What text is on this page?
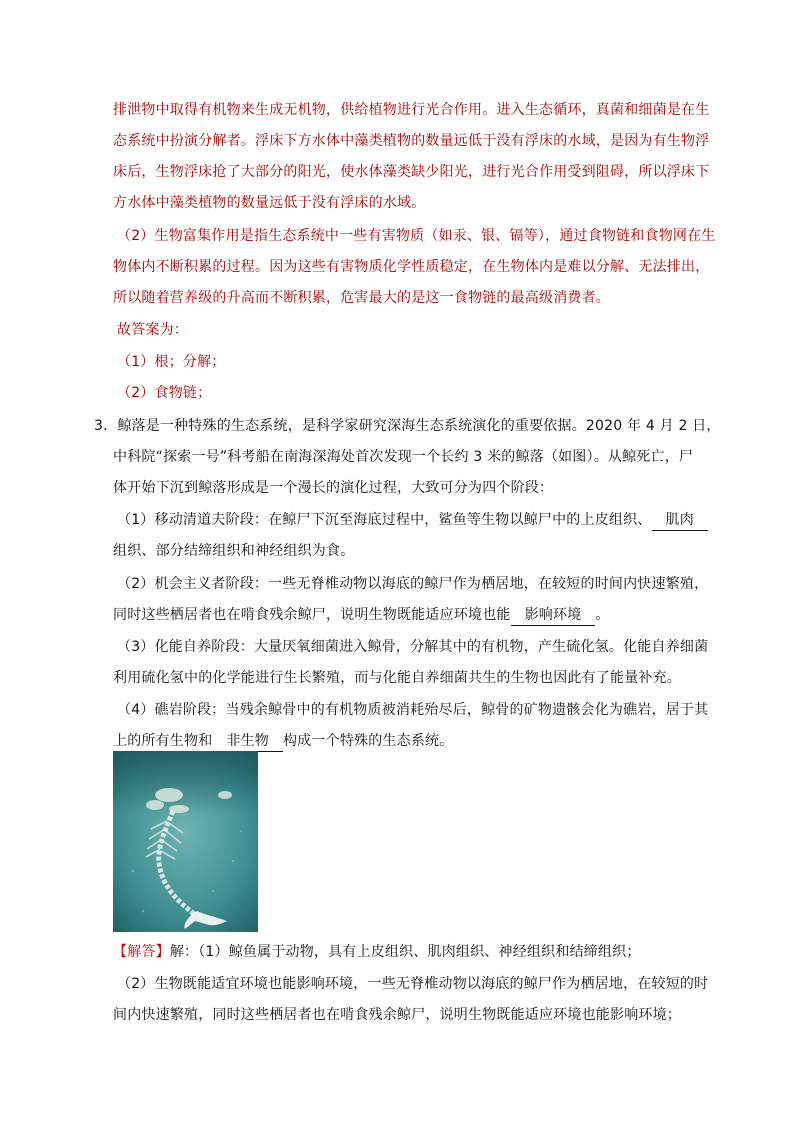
排泄物中取得有机物来生成无机物，供给植物进行光合作用。进入生态循环，真菌和细菌是在生
态系统中扮演分解者。浮床下方水体中藻类植物的数量远低于没有浮床的水域，是因为有生物浮
床后，生物浮床抢了大部分的阳光，使水体藻类缺少阳光，进行光合作用受到阻碍，所以浮床下
方水体中藻类植物的数量远低于没有浮床的水域。
（2）生物富集作用是指生态系统中一些有害物质（如汞、银、镉等），通过食物链和食物网在生
物体内不断积累的过程。因为这些有害物质化学性质稳定，在生物体内是难以分解、无法排出，
所以随着营养级的升高而不断积累，危害最大的是这一食物链的最高级消费者。
故答案为：
（1）根；分解；
（2）食物链；
3．鲸落是一种特殊的生态系统，是科学家研究深海生态系统演化的重要依据。2020 年 4 月 2 日，
中科院“探索一号”科考船在南海深海处首次发现一个长约 3 米的鲸落（如图）。从鲸死亡，尸
体开始下沉到鲸落形成是一个漫长的演化过程，大致可分为四个阶段：
（1）移动清道夫阶段：在鲸尸下沉至海底过程中，鲨鱼等生物以鲸尸中的上皮组织、 肌肉
组织、部分结缔组织和神经组织为食。
（2）机会主义者阶段：一些无脊椎动物以海底的鲸尸作为栖居地，在较短的时间内快速繁殖，
同时这些栖居者也在啃食残余鲸尸，说明生物既能适应环境也能 影响环境 。
（3）化能自养阶段：大量厌氧细菌进入鲸骨，分解其中的有机物，产生硫化氢。化能自养细菌
利用硫化氢中的化学能进行生长繁殖，而与化能自养细菌共生的生物也因此有了能量补充。
（4）礁岩阶段：当残余鲸骨中的有机物质被消耗殆尽后，鲸骨的矿物遗骸会化为礁岩，居于其
上的所有生物和 非生物 构成一个特殊的生态系统。
【解答】解：（1）鲸鱼属于动物，具有上皮组织、肌肉组织、神经组织和结缔组织；
（2）生物既能适宜环境也能影响环境，一些无脊椎动物以海底的鲸尸作为栖居地，在较短的时
间内快速繁殖，同时这些栖居者也在啃食残余鲸尸，说明生物既能适应环境也能影响环境；
